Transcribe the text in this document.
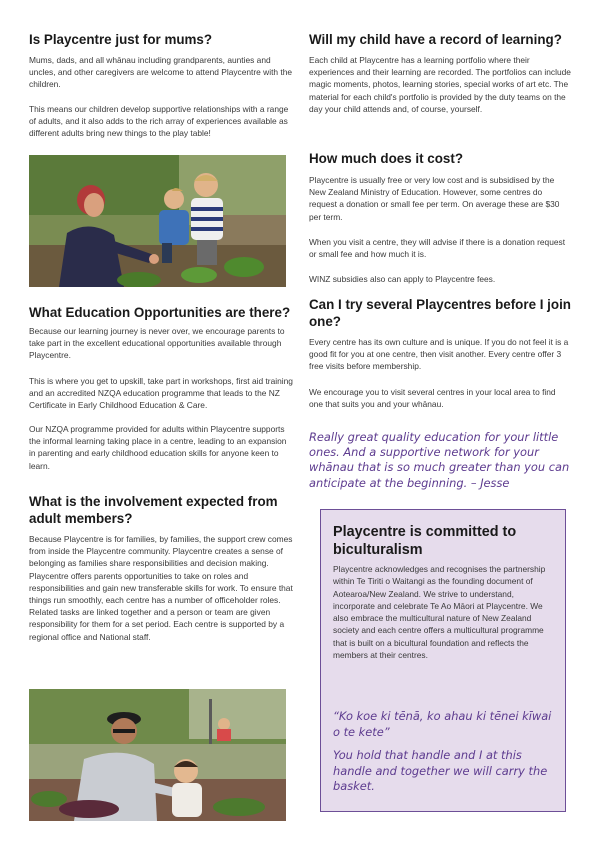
Is Playcentre just for mums?

Mums, dads, and all whānau including grandparents, aunties and uncles, and other caregivers are welcome to attend Playcentre with the children.

This means our children develop supportive relationships with a range of adults, and it also adds to the rich array of experiences available as different adults bring new things to the play table!

What Education Opportunities are there?

Because our learning journey is never over, we encourage parents to take part in the excellent educational opportunities available through Playcentre.

This is where you get to upskill, take part in workshops, first aid training and an accredited NZQA education programme that leads to the NZ Certificate in Early Childhood Education & Care.

Our NZQA programme provided for adults within Playcentre supports the informal learning taking place in a centre, leading to an expansion in parenting and early childhood education skills for anyone keen to learn.

What is the involvement expected from adult members?

Because Playcentre is for families, by families, the support crew comes from inside the Playcentre community. Playcentre creates a sense of belonging as families share responsibilities and decision making. Playcentre offers parents opportunities to take on roles and responsibilities and gain new transferable skills for work. To ensure that things run smoothly, each centre has a number of officeholder roles. Related tasks are linked together and a person or team are given responsibility for them for a set period. Each centre is supported by a regional office and National staff.

Will my child have a record of learning?

Each child at Playcentre has a learning portfolio where their experiences and their learning are recorded. The portfolios can include magic moments, photos, learning stories, special works of art etc. The material for each child's portfolio is provided by the duty teams on the day your child attends and, of course, yourself.

How much does it cost?

Playcentre is usually free or very low cost and is subsidised by the New Zealand Ministry of Education. However, some centres do request a donation or small fee per term. On average these are $30 per term.

When you visit a centre, they will advise if there is a donation request or small fee and how much it is.

WINZ subsidies also can apply to Playcentre fees.

Can I try several Playcentres before I join one?

Every centre has its own culture and is unique. If you do not feel it is a good fit for you at one centre, then visit another. Every centre offer 3 free visits before membership.

We encourage you to visit several centres in your local area to find one that suits you and your whānau.

Really great quality education for your little ones. And a supportive network for your whānau that is so much greater than you can anticipate at the beginning. – Jesse
Playcentre is committed to biculturalism

Playcentre acknowledges and recognises the partnership within Te Tiriti o Waitangi as the founding document of Aotearoa/New Zealand. We strive to understand, incorporate and celebrate Te Ao Māori at Playcentre. We also embrace the multicultural nature of New Zealand society and each centre offers a multicultural programme that is built on a bicultural foundation and reflects the members at their centres.

“Ko koe ki tēnā, ko ahau ki tēnei kīwai o te kete”
You hold that handle and I at this handle and together we will carry the basket.
